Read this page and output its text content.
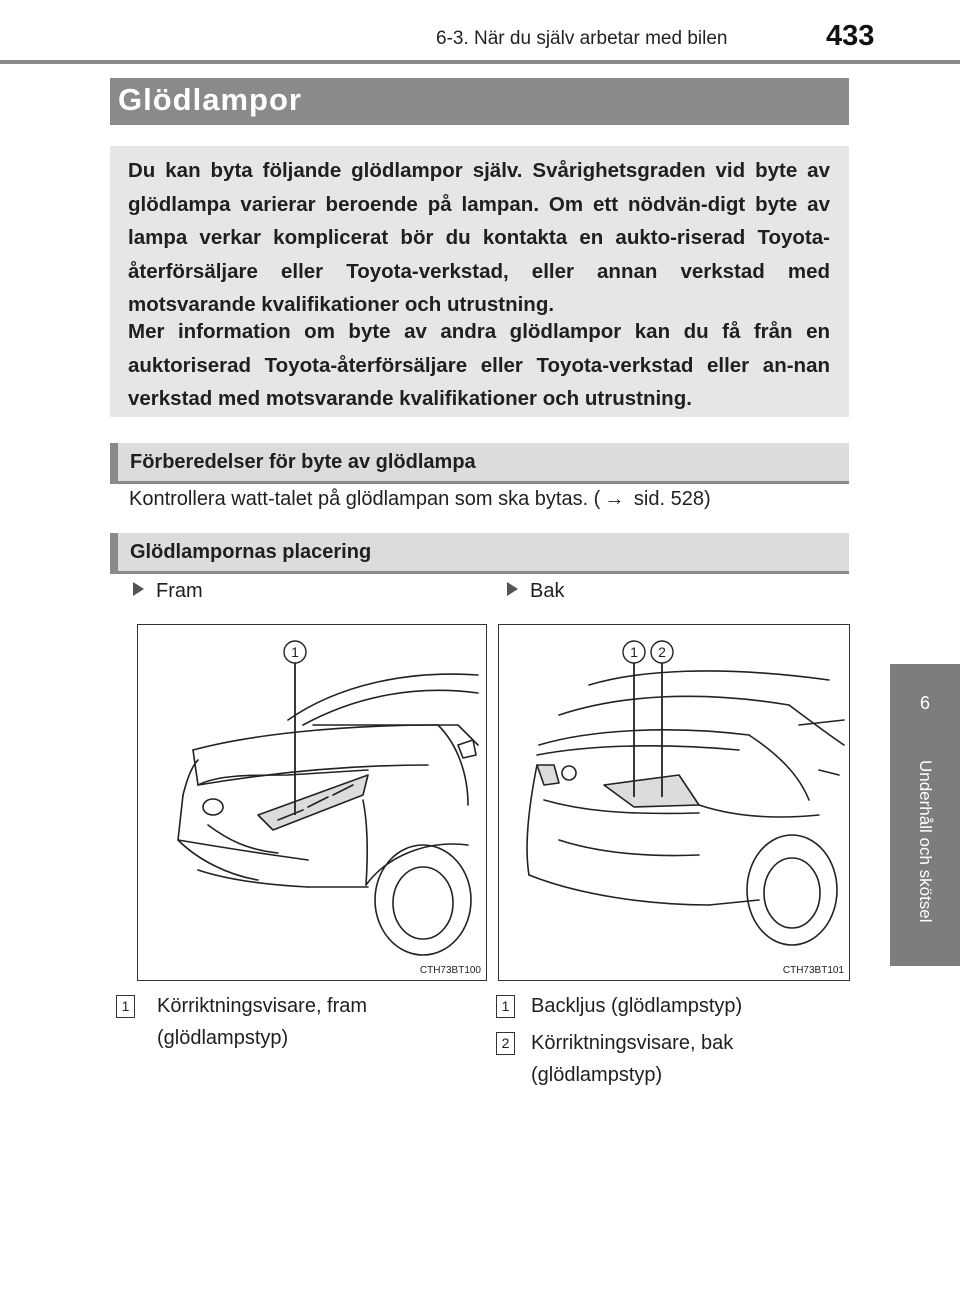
6-3. När du själv arbetar med bilen	433
6
Underhåll och skötsel
Glödlampor

Du kan byta följande glödlampor själv. Svårighetsgraden vid byte av glödlampa varierar beroende på lampan. Om ett nödvän-digt byte av lampa verkar komplicerat bör du kontakta en aukto-riserad Toyota-återförsäljare eller Toyota-verkstad, eller annan verkstad med motsvarande kvalifikationer och utrustning.

Mer information om byte av andra glödlampor kan du få från en auktoriserad Toyota-återförsäljare eller Toyota-verkstad eller an-nan verkstad med motsvarande kvalifikationer och utrustning.

Förberedelser för byte av glödlampa
Kontrollera watt-talet på glödlampan som ska bytas. ( → sid. 528)
Glödlampornas placering
Fram	Bak
1
CTH73BT100
1 2
CTH73BT101
1 Körriktningsvisare, fram
(glödlampstyp)
1 Backljus (glödlampstyp)
2 Körriktningsvisare, bak
(glödlampstyp)
